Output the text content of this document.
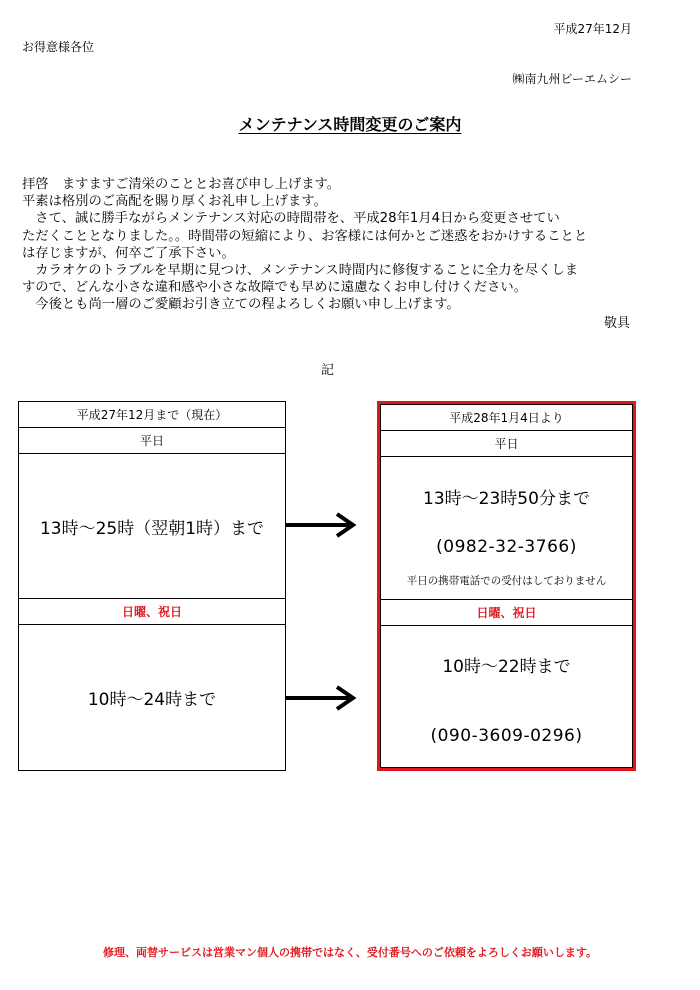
平成27年12月
お得意様各位
㈱南九州ビーエムシー
メンテナンス時間変更のご案内

拝啓　ますますご清栄のこととお喜び申し上げます。

平素は格別のご高配を賜り厚くお礼申し上げます。

　さて、誠に勝手ながらメンテナンス対応の時間帯を、平成28年1月4日から変更させてい

ただくこととなりました。。時間帯の短縮により、お客様には何かとご迷惑をおかけすることと

は存じますが、何卒ご了承下さい。

　カラオケのトラブルを早期に見つけ、メンテナンス時間内に修復することに全力を尽くしま

すので、どんな小さな違和感や小さな故障でも早めに遠慮なくお申し付けください。

　今後とも尚一層のご愛顧お引き立ての程よろしくお願い申し上げます。

敬具
記
平成27年12月まで（現在）
平日
13時～25時（翌朝1時）まで
日曜、祝日
10時～24時まで
平成28年1月4日より
平日
13時～23時50分まで
(0982-32-3766)
平日の携帯電話での受付はしておりません
日曜、祝日
10時～22時まで
(090-3609-0296)
修理、両替サービスは営業マン個人の携帯ではなく、受付番号へのご依頼をよろしくお願いします。
